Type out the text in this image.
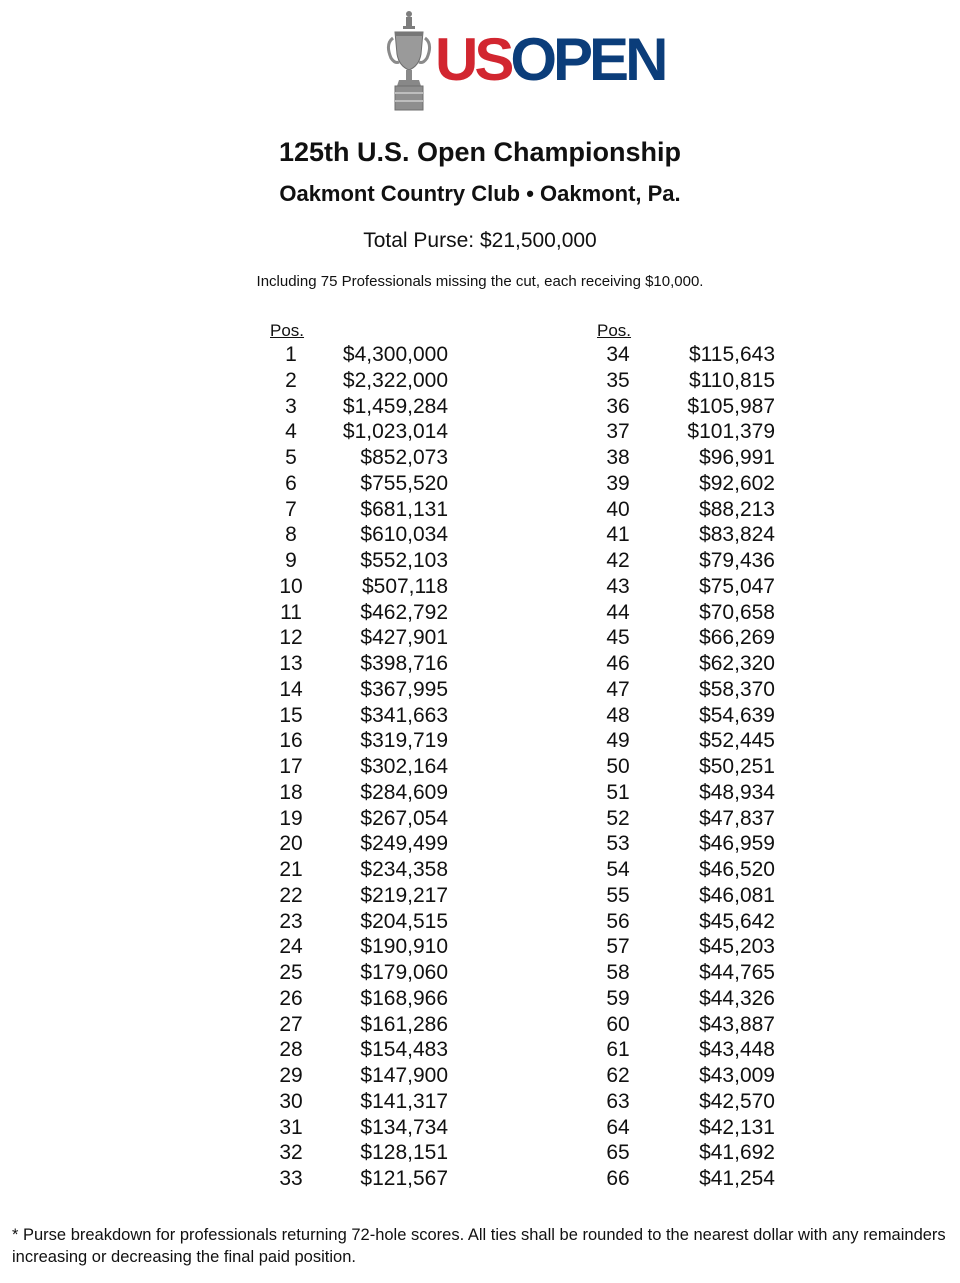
USOPEN
125th U.S. Open Championship
Oakmont Country Club • Oakmont, Pa.
Total Purse: $21,500,000
Including 75 Professionals missing the cut, each receiving $10,000.
Pos.
1	$4,300,000
2	$2,322,000
3	$1,459,284
4	$1,023,014
5	$852,073
6	$755,520
7	$681,131
8	$610,034
9	$552,103
10	$507,118
11	$462,792
12	$427,901
13	$398,716
14	$367,995
15	$341,663
16	$319,719
17	$302,164
18	$284,609
19	$267,054
20	$249,499
21	$234,358
22	$219,217
23	$204,515
24	$190,910
25	$179,060
26	$168,966
27	$161,286
28	$154,483
29	$147,900
30	$141,317
31	$134,734
32	$128,151
33	$121,567
Pos.
34	$115,643
35	$110,815
36	$105,987
37	$101,379
38	$96,991
39	$92,602
40	$88,213
41	$83,824
42	$79,436
43	$75,047
44	$70,658
45	$66,269
46	$62,320
47	$58,370
48	$54,639
49	$52,445
50	$50,251
51	$48,934
52	$47,837
53	$46,959
54	$46,520
55	$46,081
56	$45,642
57	$45,203
58	$44,765
59	$44,326
60	$43,887
61	$43,448
62	$43,009
63	$42,570
64	$42,131
65	$41,692
66	$41,254
* Purse breakdown for professionals returning 72-hole scores. All ties shall be rounded to the nearest dollar with any remainders increasing or decreasing the final paid position.
